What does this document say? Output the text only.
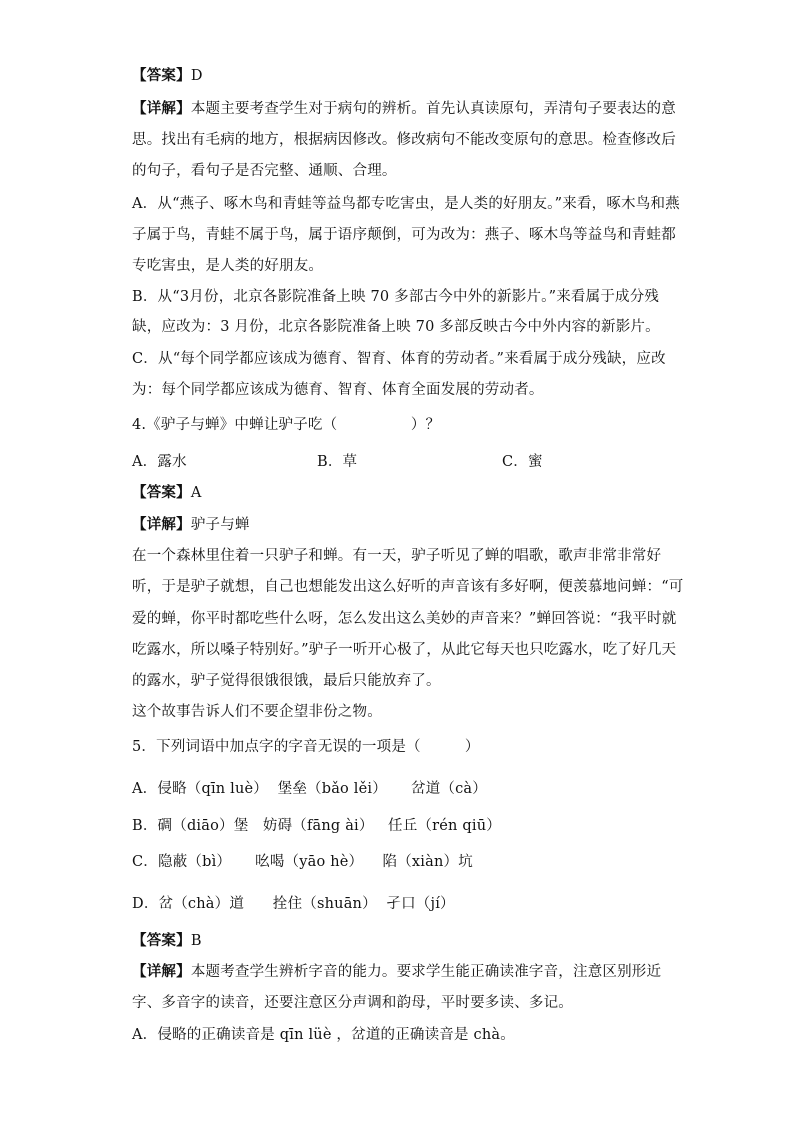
【答案】D
【详解】本题主要考查学生对于病句的辨析。首先认真读原句，弄清句子要表达的意
思。找出有毛病的地方，根据病因修改。修改病句不能改变原句的意思。检查修改后
的句子，看句子是否完整、通顺、合理。
A．从“燕子、啄木鸟和青蛙等益鸟都专吃害虫，是人类的好朋友。”来看，啄木鸟和燕
子属于鸟，青蛙不属于鸟，属于语序颠倒，可为改为：燕子、啄木鸟等益鸟和青蛙都
专吃害虫，是人类的好朋友。
B．从“3月份，北京各影院准备上映 70 多部古今中外的新影片。”来看属于成分残
缺，应改为：3 月份，北京各影院准备上映 70 多部反映古今中外内容的新影片。
C．从“每个同学都应该成为德育、智育、体育的劳动者。”来看属于成分残缺，应改
为：每个同学都应该成为德育、智育、体育全面发展的劳动者。
4.《驴子与蝉》中蝉让驴子吃（　　　　　）？
A．露水	B．草	C．蜜
【答案】A
【详解】驴子与蝉
在一个森林里住着一只驴子和蝉。有一天，驴子听见了蝉的唱歌，歌声非常非常好
听，于是驴子就想，自己也想能发出这么好听的声音该有多好啊，便羡慕地问蝉：“可
爱的蝉，你平时都吃些什么呀，怎么发出这么美妙的声音来？”蝉回答说：“我平时就
吃露水，所以嗓子特别好。”驴子一听开心极了，从此它每天也只吃露水，吃了好几天
的露水，驴子觉得很饿很饿，最后只能放弃了。
这个故事告诉人们不要企望非份之物。
5．下列词语中加点字的字音无误的一项是（　　　）
A．侵略（qīn luè）  堡垒（bǎo lěi）     岔道（cà）
B．碉（diāo）堡   妨碍（fāng ài）   任丘（rén qiū）
C．隐蔽（bì）     吆喝（yāo hè）    陷（xiàn）坑
D．岔（chà）道      拴住（shuān）  孑口（jí）
【答案】B
【详解】本题考查学生辨析字音的能力。要求学生能正确读准字音，注意区别形近
字、多音字的读音，还要注意区分声调和韵母，平时要多读、多记。
A．侵略的正确读音是 qīn lüè ，岔道的正确读音是 chà。
